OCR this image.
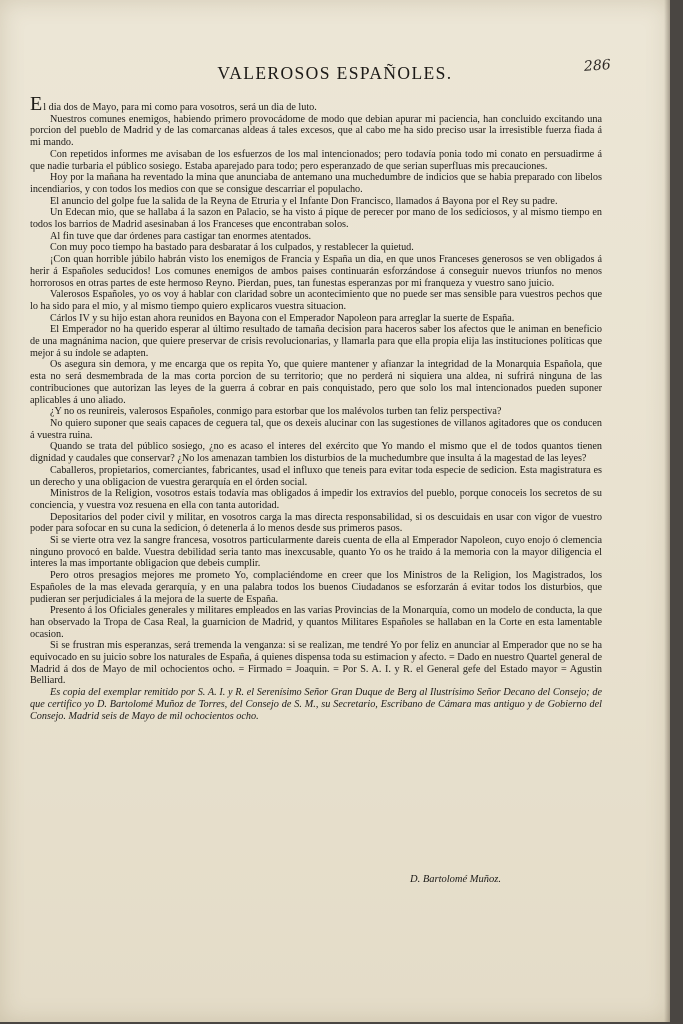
286
VALEROSOS ESPAÑOLES.

El dia dos de Mayo, para mi como para vosotros, será un dia de luto.

Nuestros comunes enemigos, habiendo primero provocádome de modo que debian apurar mi paciencia, han concluido excitando una porcion del pueblo de Madrid y de las comarcanas aldeas á tales excesos, que al cabo me ha sido preciso usar la irresistible fuerza fiada á mi mando.

Con repetidos informes me avisaban de los esfuerzos de los mal intencionados; pero todavía ponia todo mi conato en persuadirme á que nadie turbaria el público sosiego. Estaba aparejado para todo; pero esperanzado de que serian superfluas mis precauciones.

Hoy por la mañana ha reventado la mina que anunciaba de antemano una muchedumbre de indicios que se habia preparado con libelos incendiarios, y con todos los medios con que se consigue descarriar el populacho.

El anuncio del golpe fue la salida de la Reyna de Etruria y el Infante Don Francisco, llamados á Bayona por el Rey su padre.

Un Edecan mio, que se hallaba á la sazon en Palacio, se ha visto á pique de perecer por mano de los sediciosos, y al mismo tiempo en todos los barrios de Madrid asesinaban á los Franceses que encontraban solos.

Al fin tuve que dar órdenes para castigar tan enormes atentados.

Con muy poco tiempo ha bastado para desbaratar á los culpados, y restablecer la quietud.

¡Con quan horrible júbilo habrán visto los enemigos de Francia y España un dia, en que unos Franceses generosos se ven obligados á herir á Españoles seducidos! Los comunes enemigos de ambos paises continuarán esforzándose á conseguir nuevos triunfos no menos horrorosos en otras partes de este hermoso Reyno. Pierdan, pues, tan funestas esperanzas por mi franqueza y vuestro sano juicio.

Valerosos Españoles, yo os voy á hablar con claridad sobre un acontecimiento que no puede ser mas sensible para vuestros pechos que lo ha sido para el mio, y al mismo tiempo quiero explicaros vuestra situacion.

Cárlos IV y su hijo estan ahora reunidos en Bayona con el Emperador Napoleon para arreglar la suerte de España.

El Emperador no ha querido esperar al último resultado de tamaña decision para haceros saber los afectos que le animan en beneficio de una magnánima nacion, que quiere preservar de crisis revolucionarias, y llamarla para que ella propia elija las instituciones políticas que mejor á su índole se adapten.

Os asegura sin demora, y me encarga que os repita Yo, que quiere mantener y afianzar la integridad de la Monarquia Española, que esta no será desmembrada de la mas corta porcion de su territorio; que no perderá ni siquiera una aldea, ni sufrirá ninguna de las contribuciones que autorizan las leyes de la guerra á cobrar en pais conquistado, pero que solo los mal intencionados pueden suponer aplicables á uno aliado.

¿Y no os reunireis, valerosos Españoles, conmigo para estorbar que los malévolos turben tan feliz perspectiva?

No quiero suponer que seais capaces de ceguera tal, que os dexeis alucinar con las sugestiones de villanos agitadores que os conducen á vuestra ruina.

Quando se trata del público sosiego, ¿no es acaso el interes del exército que Yo mando el mismo que el de todos quantos tienen dignidad y caudales que conservar? ¿No los amenazan tambien los disturbios de la muchedumbre que insulta á la magestad de las leyes?

Caballeros, propietarios, comerciantes, fabricantes, usad el influxo que teneis para evitar toda especie de sedicion. Esta magistratura es un derecho y una obligacion de vuestra gerarquía en el órden social.

Ministros de la Religion, vosotros estais todavía mas obligados á impedir los extravios del pueblo, porque conoceis los secretos de su conciencia, y vuestra voz resuena en ella con tanta autoridad.

Depositarios del poder civil y militar, en vosotros carga la mas directa responsabilidad, si os descuidais en usar con vigor de vuestro poder para sofocar en su cuna la sedicion, ó detenerla á lo menos desde sus primeros pasos.

Si se vierte otra vez la sangre francesa, vosotros particularmente dareis cuenta de ella al Emperador Napoleon, cuyo enojo ó clemencia ninguno provocó en balde. Vuestra debilidad seria tanto mas inexcusable, quanto Yo os he traido á la memoria con la mayor diligencia el interes la mas importante obligacion que debeis cumplir.

Pero otros presagios mejores me prometo Yo, complaciéndome en creer que los Ministros de la Religion, los Magistrados, los Españoles de la mas elevada gerarquía, y en una palabra todos los buenos Ciudadanos se esforzarán á evitar todos los disturbios, que pudieran ser perjudiciales á la mejora de la suerte de España.

Presento á los Oficiales generales y militares empleados en las varias Provincias de la Monarquía, como un modelo de conducta, la que han observado la Tropa de Casa Real, la guarnicion de Madrid, y quantos Militares Españoles se hallaban en la Corte en esta lamentable ocasion.

Si se frustran mis esperanzas, será tremenda la venganza: si se realizan, me tendré Yo por feliz en anunciar al Emperador que no se ha equivocado en su juicio sobre los naturales de España, á quienes dispensa toda su estimacion y afecto. = Dado en nuestro Quartel general de Madrid á dos de Mayo de mil ochocientos ocho. = Firmado = Joaquin. = Por S. A. I. y R. el General gefe del Estado mayor = Agustin Belliard.

Es copia del exemplar remitido por S. A. I. y R. el Serenísimo Señor Gran Duque de Berg al Ilustrísimo Señor Decano del Consejo; de que certifico yo D. Bartolomé Muñoz de Torres, del Consejo de S. M., su Secretario, Escribano de Cámara mas antiguo y de Gobierno del Consejo. Madrid seis de Mayo de mil ochocientos ocho.

D. Bartolomé Muñoz.
